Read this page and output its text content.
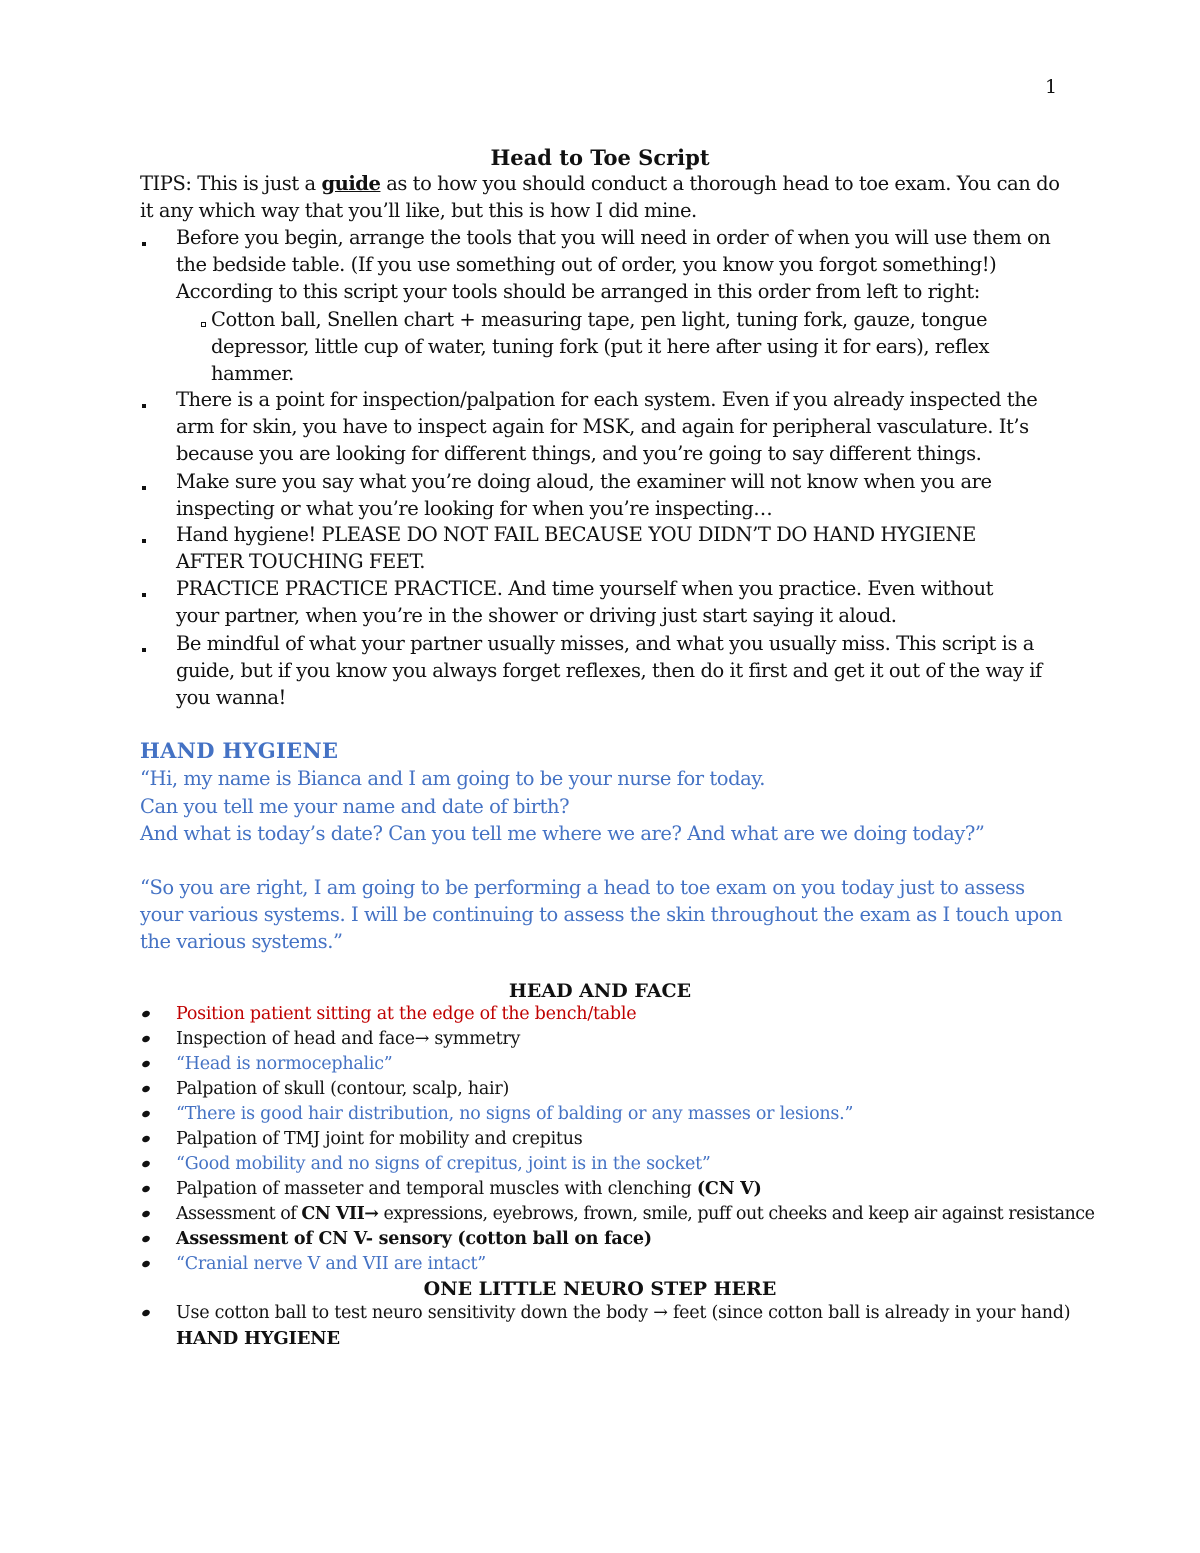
1
Head to Toe Script
TIPS: This is just a guide as to how you should conduct a thorough head to toe exam. You can do
it any which way that you’ll like, but this is how I did mine.
Before you begin, arrange the tools that you will need in order of when you will use them on
the bedside table. (If you use something out of order, you know you forgot something!)
According to this script your tools should be arranged in this order from left to right:
Cotton ball, Snellen chart + measuring tape, pen light, tuning fork, gauze, tongue
depressor, little cup of water, tuning fork (put it here after using it for ears), reflex
hammer.
There is a point for inspection/palpation for each system. Even if you already inspected the
arm for skin, you have to inspect again for MSK, and again for peripheral vasculature. It’s
because you are looking for different things, and you’re going to say different things.
Make sure you say what you’re doing aloud, the examiner will not know when you are
inspecting or what you’re looking for when you’re inspecting…
Hand hygiene! PLEASE DO NOT FAIL BECAUSE YOU DIDN’T DO HAND HYGIENE
AFTER TOUCHING FEET.
PRACTICE PRACTICE PRACTICE. And time yourself when you practice. Even without
your partner, when you’re in the shower or driving just start saying it aloud.
Be mindful of what your partner usually misses, and what you usually miss. This script is a
guide, but if you know you always forget reflexes, then do it first and get it out of the way if
you wanna!
HAND HYGIENE
“Hi, my name is Bianca and I am going to be your nurse for today.
Can you tell me your name and date of birth?
And what is today’s date? Can you tell me where we are? And what are we doing today?”
“So you are right, I am going to be performing a head to toe exam on you today just to assess
your various systems. I will be continuing to assess the skin throughout the exam as I touch upon
the various systems.”
HEAD AND FACE
Position patient sitting at the edge of the bench/table
Inspection of head and face→ symmetry
“Head is normocephalic”
Palpation of skull (contour, scalp, hair)
“There is good hair distribution, no signs of balding or any masses or lesions.”
Palpation of TMJ joint for mobility and crepitus
“Good mobility and no signs of crepitus, joint is in the socket”
Palpation of masseter and temporal muscles with clenching (CN V)
Assessment of CN VII→ expressions, eyebrows, frown, smile, puff out cheeks and keep air against resistance
Assessment of CN V- sensory (cotton ball on face)
“Cranial nerve V and VII are intact”
ONE LITTLE NEURO STEP HERE
Use cotton ball to test neuro sensitivity down the body → feet (since cotton ball is already in your hand)
HAND HYGIENE
